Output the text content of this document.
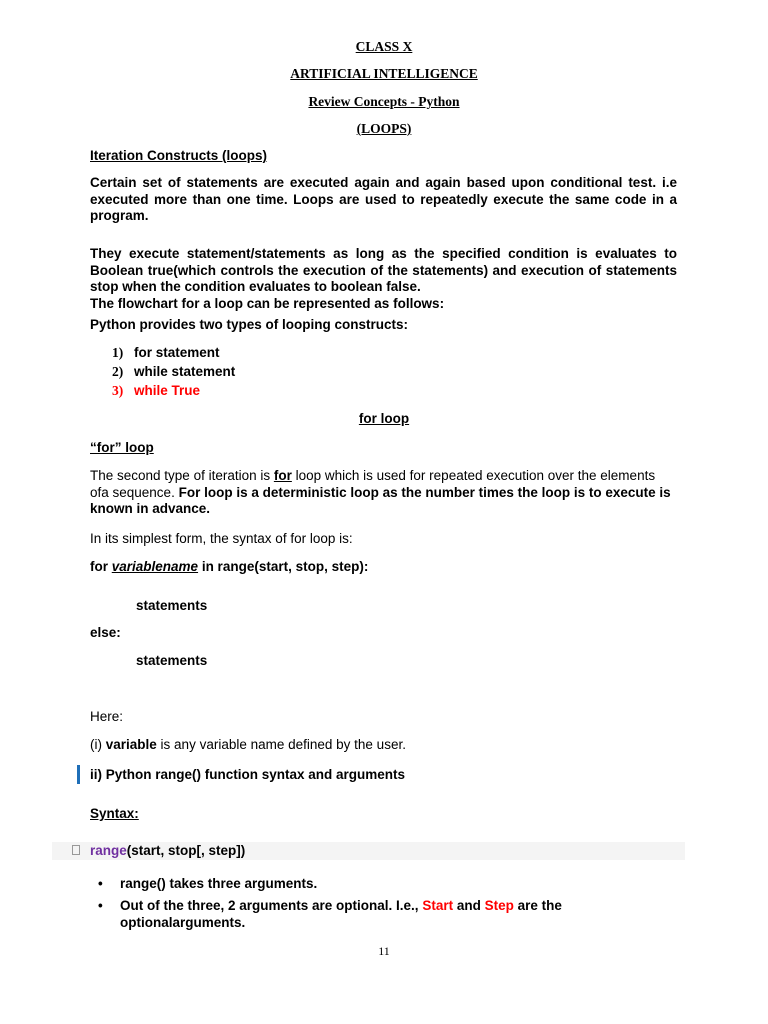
CLASS X
ARTIFICIAL INTELLIGENCE
Review Concepts - Python
(LOOPS)
Iteration Constructs (loops)
Certain set of statements are executed again and again based upon conditional test. i.e executed more than one time. Loops are used to repeatedly execute the same code in a program.
They execute statement/statements as long as the specified condition is evaluates to Boolean true(which controls the execution of the statements) and execution of statements stop when the condition evaluates to boolean false.
The flowchart for a loop can be represented as follows:
Python provides two types of looping constructs:
1) for statement
2) while statement
3) while True
for loop
“for” loop
The second type of iteration is for loop which is used for repeated execution over the elements ofa sequence. For loop is a deterministic loop as the number times the loop is to execute is known in advance.
In its simplest form, the syntax of for loop is:
for variablename in range(start, stop, step):
statements
else:
statements
Here:
(i) variable is any variable name defined by the user.
ii) Python range() function syntax and arguments
Syntax:
range(start, stop[, step])
• range() takes three arguments.
• Out of the three, 2 arguments are optional. I.e., Start and Step are the optionalarguments.
11
